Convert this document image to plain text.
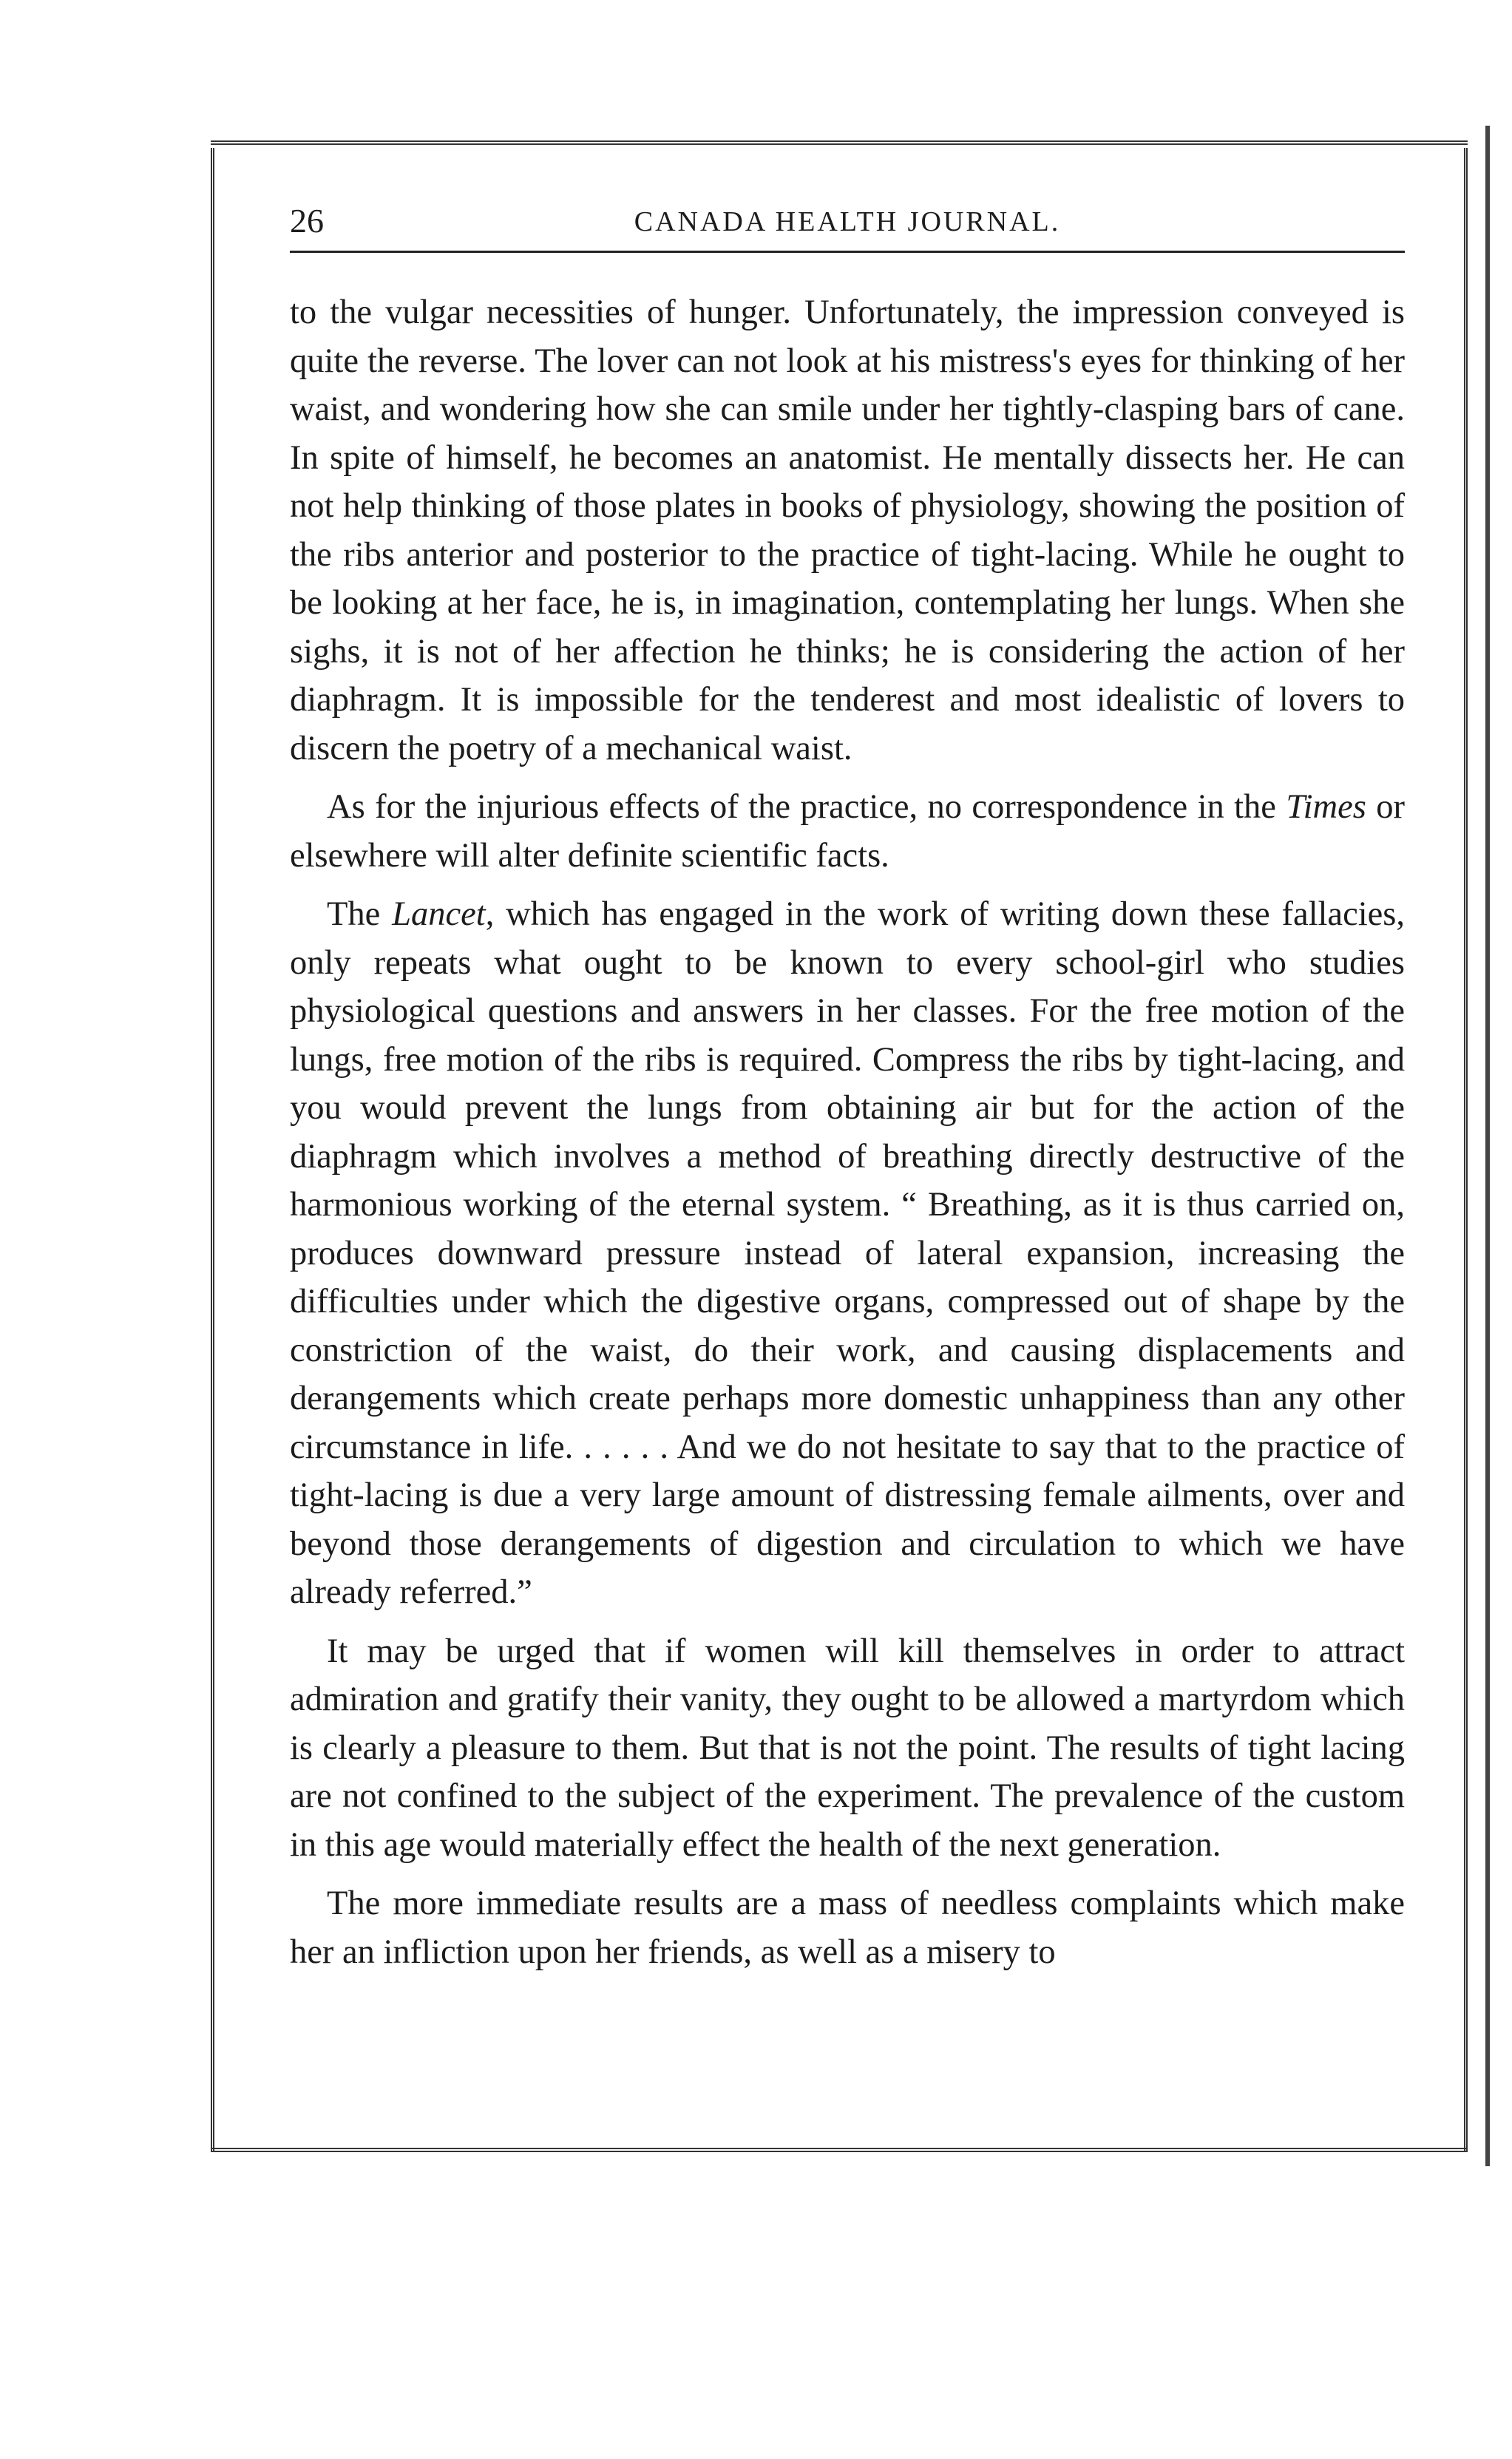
26	CANADA HEALTH JOURNAL.

to the vulgar necessities of hunger. Unfortunately, the impression conveyed is quite the reverse. The lover can not look at his mistress's eyes for thinking of her waist, and wondering how she can smile under her tightly-clasping bars of cane. In spite of himself, he becomes an anatomist. He mentally dissects her. He can not help thinking of those plates in books of physiology, showing the position of the ribs anterior and posterior to the practice of tight-lacing. While he ought to be looking at her face, he is, in imagination, contemplating her lungs. When she sighs, it is not of her affection he thinks; he is considering the action of her diaphragm. It is impossible for the tenderest and most idealistic of lovers to discern the poetry of a mechanical waist.

As for the injurious effects of the practice, no correspondence in the Times or elsewhere will alter definite scientific facts.

The Lancet, which has engaged in the work of writing down these fallacies, only repeats what ought to be known to every school-girl who studies physiological questions and answers in her classes. For the free motion of the lungs, free motion of the ribs is required. Compress the ribs by tight-lacing, and you would prevent the lungs from obtaining air but for the action of the diaphragm which involves a method of breathing directly destructive of the harmonious working of the eternal system. “ Breathing, as it is thus carried on, produces downward pressure instead of lateral expansion, increasing the difficulties under which the digestive organs, compressed out of shape by the constriction of the waist, do their work, and causing displacements and derangements which create perhaps more domestic unhappiness than any other circumstance in life. . . . . . And we do not hesitate to say that to the practice of tight-lacing is due a very large amount of distressing female ailments, over and beyond those derangements of digestion and circulation to which we have already referred.”

It may be urged that if women will kill themselves in order to attract admiration and gratify their vanity, they ought to be allowed a martyrdom which is clearly a pleasure to them. But that is not the point. The results of tight lacing are not confined to the subject of the experiment. The prevalence of the custom in this age would materially effect the health of the next generation.

The more immediate results are a mass of needless complaints which make her an infliction upon her friends, as well as a misery to
